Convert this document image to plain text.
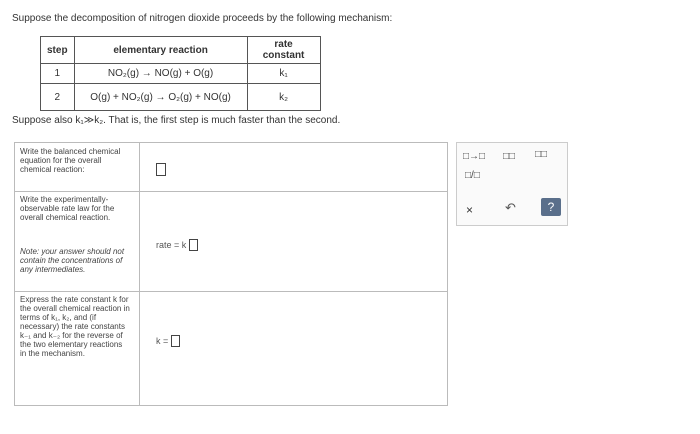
Suppose the decomposition of nitrogen dioxide proceeds by the following mechanism:
step	elementary reaction	rate constant
1	NO₂(g) → NO(g) + O(g)	k₁
2	O(g) + NO₂(g) → O₂(g) + NO(g)	k₂
Suppose also k₁≫k₂. That is, the first step is much faster than the second.
Write the balanced chemical equation for the overall chemical reaction:
Write the experimentally-observable rate law for the overall chemical reaction.
Note: your answer should not contain the concentrations of any intermediates.
rate = k
Express the rate constant k for the overall chemical reaction in terms of k₁, k₂, and (if necessary) the rate constants k₋₁ and k₋₂ for the reverse of the two elementary reactions in the mechanism.
k =
□→□ □□ □□
□/□
× ↶	?
